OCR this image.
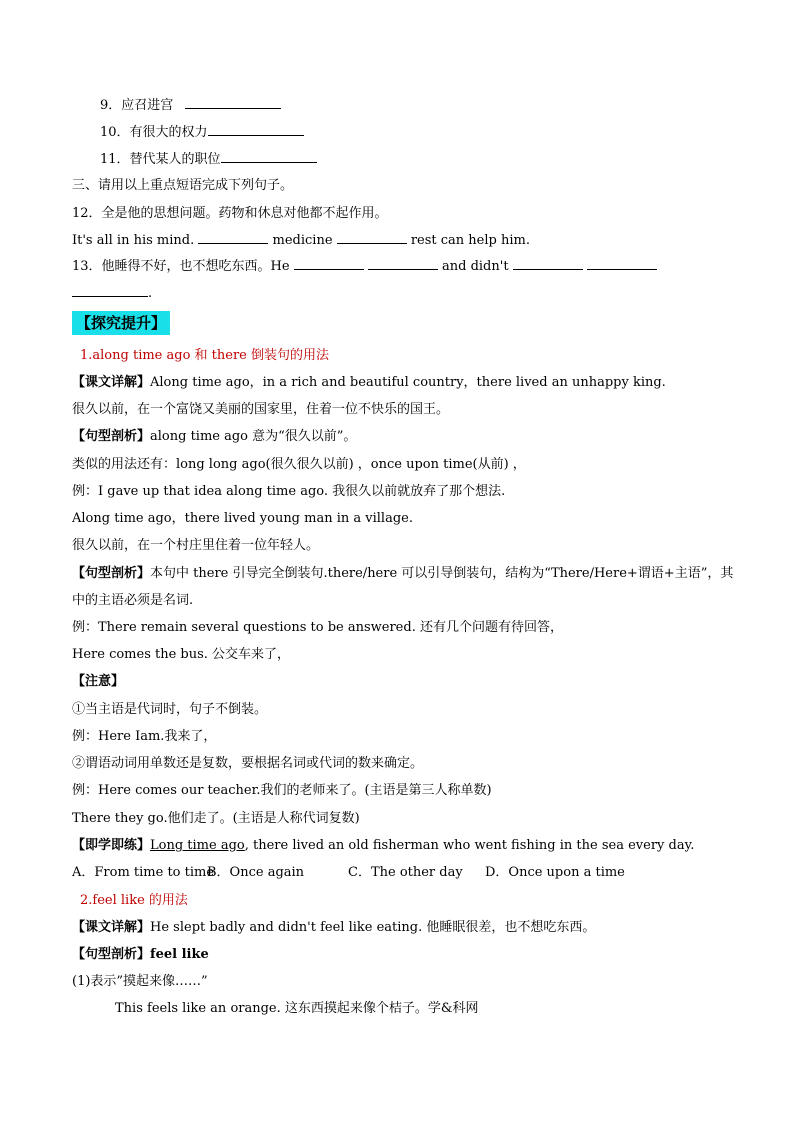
9．应召进宫
10．有很大的权力
11．替代某人的职位
三、请用以上重点短语完成下列句子。
12．全是他的思想问题。药物和休息对他都不起作用。
It's all in his mind.	medicine	rest can help him.
13．他睡得不好，也不想吃东西。He	and didn't
.
【探究提升】
1.along time ago 和 there 倒装句的用法
【课文详解】Along time ago，in a rich and beautiful country，there lived an unhappy king.
很久以前，在一个富饶又美丽的国家里，住着一位不快乐的国王。
【句型剖析】along time ago 意为“很久以前”。
类似的用法还有：long long ago(很久很久以前) ，once upon time(从前) ，
例：I gave up that idea along time ago. 我很久以前就放弃了那个想法.
Along time ago，there lived young man in a village.
很久以前，在一个村庄里住着一位年轻人。
【句型剖析】本句中 there 引导完全倒装句.there/here 可以引导倒装句，结构为“There/Here+谓语+主语”，其
中的主语必须是名词.
例：There remain several questions to be answered. 还有几个问题有待回答，
Here comes the bus. 公交车来了，
【注意】
①当主语是代词时，句子不倒装。
例：Here Iam.我来了，
②谓语动词用单数还是复数，要根据名词或代词的数来确定。
例：Here comes our teacher.我们的老师来了。(主语是第三人称单数)
There they go.他们走了。(主语是人称代词复数)
【即学即练】Long time ago, there lived an old fisherman who went fishing in the sea every day.
A．From time to timeB．Once again	C．The other day D．Once upon a time
2.feel like 的用法
【课文详解】He slept badly and didn't feel like eating. 他睡眠很差，也不想吃东西。
【句型剖析】feel like
(1)表示”摸起来像……”
This feels like an orange. 这东西摸起来像个桔子。学&科网
